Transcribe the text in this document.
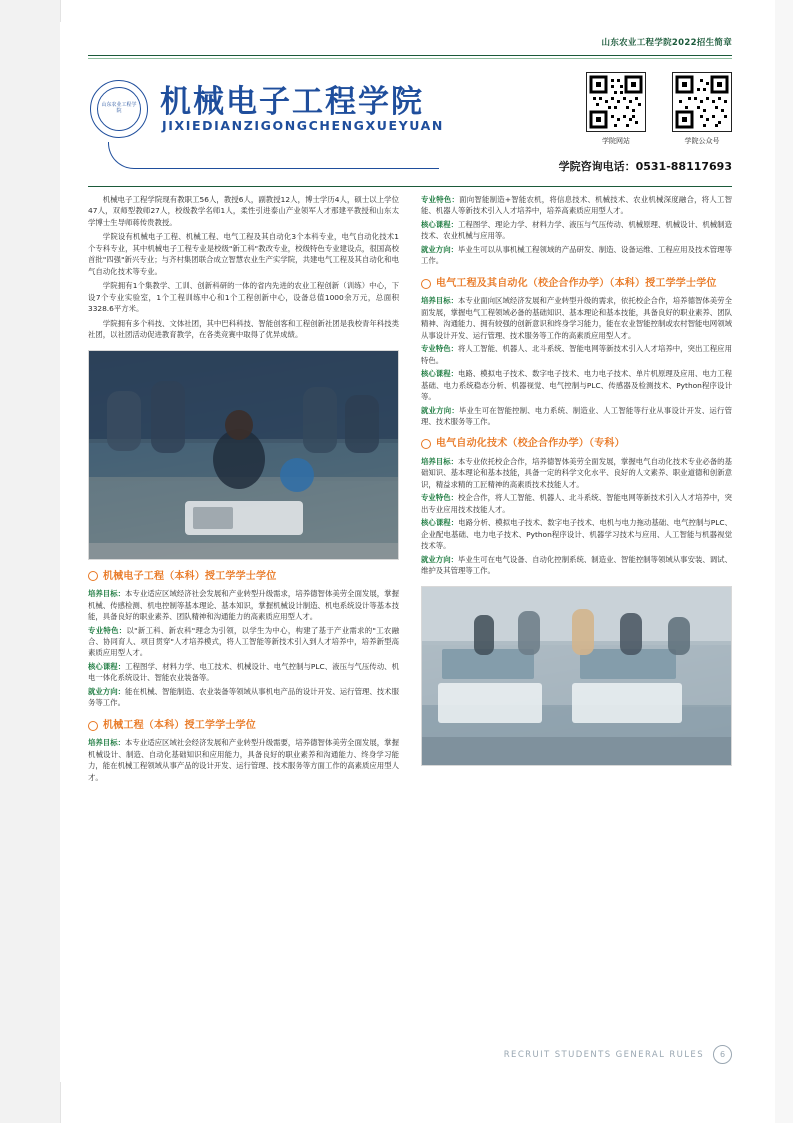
山东农业工程学院2022招生简章
山东农业工程学院	机械电子工程学院
JIXIEDIANZIGONGCHENGXUEYUAN
学院网站	学院公众号
学院咨询电话：0531-88117693

机械电子工程学院现有教职工56人，教授6人，副教授12人，博士学历4人，硕士以上学位47人，双师型教师27人，校级教学名师1人，柔性引进泰山产业领军人才那建平教授和山东太学博士生导师蒋传贵教授。

学院设有机械电子工程、机械工程、电气工程及其自动化3个本科专业，电气自动化技术1个专科专业，其中机械电子工程专业是校级"新工科"教改专业，校级特色专业建设点，很国高校首批"四强"新兴专业；与齐村集团联合成立智慧农业生产实学院，共建电气工程及其自动化和电气自动化技术等专业。

学院拥有1个集教学、工训、创新科研的一体的省内先进的农业工程创新（训练）中心，下设7个专业实验室，1个工程训练中心和1个工程创新中心，设备总值1000余万元，总面积3328.6平方米。

学院拥有多个科技、文体社团，其中巴科科技、智能创客和工程创新社团是我校青年科技类社团，以社团活动促进教育教学，在各类竞赛中取得了优异成绩。

机械电子工程（本科）授工学学士学位

培养目标：本专业适应区域经济社会发展和产业转型升级需求，培养德智体美劳全面发展，掌握机械、传感检测、机电控制等基本理论、基本知识，掌握机械设计制造、机电系统设计等基本技能，具备良好的职业素养、团队精神和沟通能力的高素质应用型人才。

专业特色：以"新工科、新农科"理念为引领，以学生为中心，构建了基于产业需求的"工农融合、协同育人、项目贯穿"人才培养模式，将人工智能等新技术引入到人才培养中，培养新型高素质应用型人才。

核心课程：工程图学、材料力学、电工技术、机械设计、电气控制与PLC、液压与气压传动、机电一体化系统设计、智能农业装备等。

就业方向：能在机械、智能制造、农业装备等领域从事机电产品的设计开发、运行管理、技术服务等工作。

机械工程（本科）授工学学士学位

培养目标：本专业适应区域社会经济发展和产业转型升级需要，培养德智体美劳全面发展，掌握机械设计、制造、自动化基础知识和应用能力，具备良好的职业素养和沟通能力、终身学习能力，能在机械工程领域从事产品的设计开发、运行管理、技术服务等方面工作的高素质应用型人才。

专业特色：面向智能制造+智能农机，将信息技术、机械技术、农业机械深度融合，将人工智能、机器人等新技术引入人才培养中，培养高素质应用型人才。

核心课程：工程图学、理论力学、材料力学、液压与气压传动、机械原理、机械设计、机械制造技术、农业机械与应用等。

就业方向：毕业生可以从事机械工程领域的产品研发、制造、设备运维、工程应用及技术管理等工作。

电气工程及其自动化（校企合作办学）（本科）授工学学士学位

培养目标：本专业面向区域经济发展和产业转型升级的需求，依托校企合作，培养德智体美劳全面发展，掌握电气工程领域必备的基础知识、基本理论和基本技能，具备良好的职业素养、团队精神、沟通能力、拥有较强的创新意识和终身学习能力，能在农业智能控制或农村智能电网领域从事设计开发、运行管理、技术服务等工作的高素质应用型人才。

专业特色：将人工智能、机器人、北斗系统、智能电网等新技术引入人才培养中，突出工程应用特色。

核心课程：电路、模拟电子技术、数字电子技术、电力电子技术、单片机原理及应用、电力工程基础、电力系统稳态分析、机器视觉、电气控制与PLC、传感器及检测技术、Python程序设计等。

就业方向：毕业生可在智能控制、电力系统、制造业、人工智能等行业从事设计开发、运行管理、技术服务等工作。

电气自动化技术（校企合作办学）（专科）

培养目标：本专业依托校企合作，培养德智体美劳全面发展，掌握电气自动化技术专业必备的基础知识、基本理论和基本技能，具备一定的科学文化水平、良好的人文素养、职业道德和创新意识，精益求精的工匠精神的高素质技术技能人才。

专业特色：校企合作，将人工智能、机器人、北斗系统、智能电网等新技术引入人才培养中，突出专业应用技术技能人才。

核心课程：电路分析、模拟电子技术、数字电子技术、电机与电力拖动基础、电气控制与PLC、企业配电基础、电力电子技术、Python程序设计、机器学习技术与应用、人工智能与机器视觉技术等。

就业方向：毕业生可在电气设备、自动化控制系统、制造业、智能控制等领域从事安装、调试、维护及其管理等工作。

RECRUIT STUDENTS GENERAL RULES	6
